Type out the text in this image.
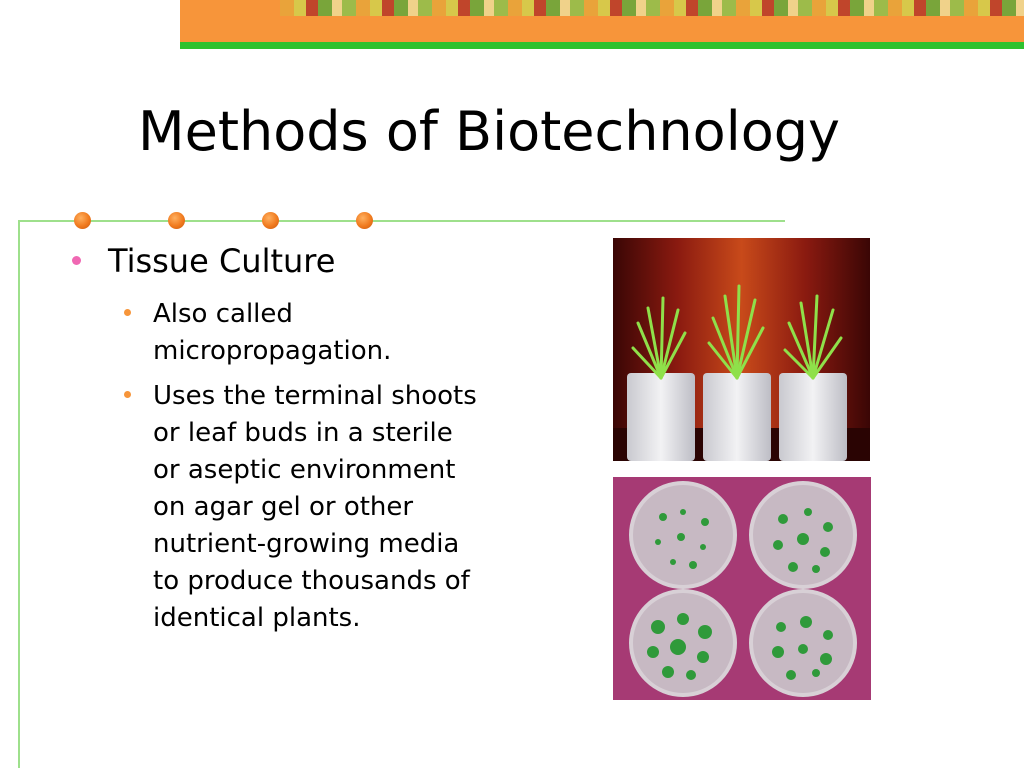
Methods of Biotechnology
Tissue Culture
Also called micropropagation.
Uses the terminal shoots or leaf buds in a sterile or aseptic environment on agar gel or other nutrient-growing media to produce thousands of identical plants.
